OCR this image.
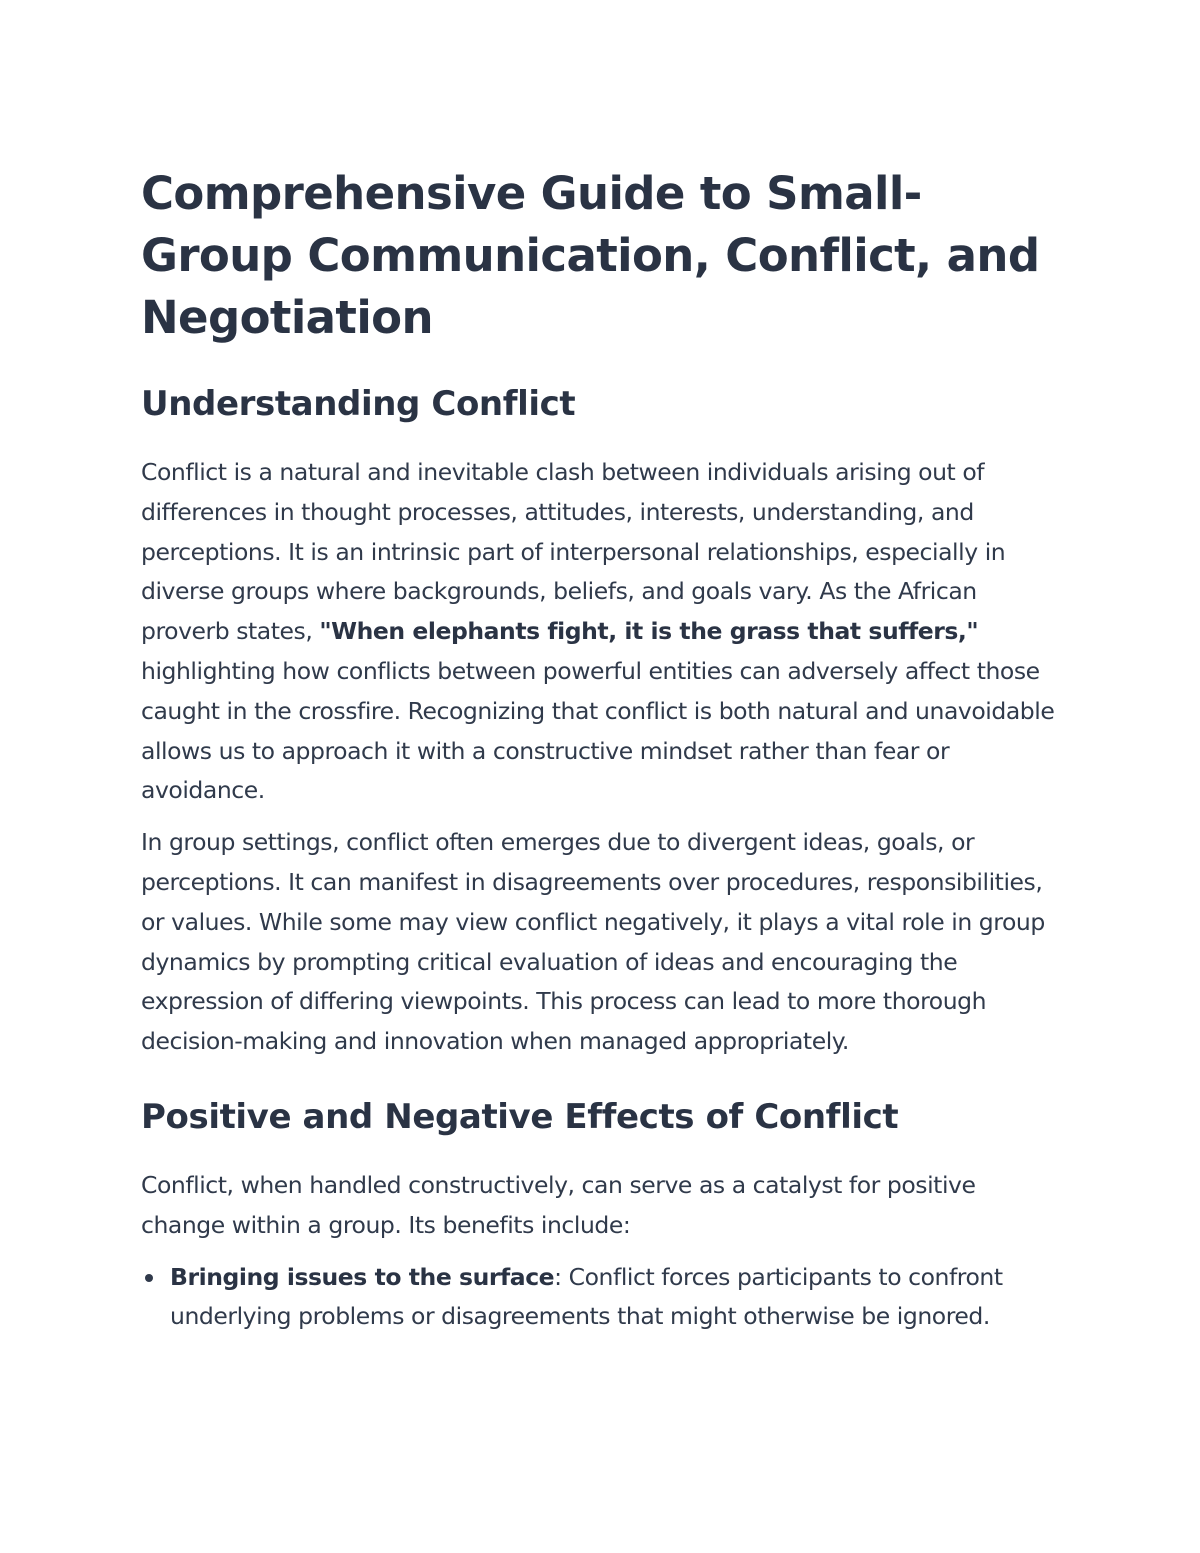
Comprehensive Guide to Small-Group Communication, Conflict, and Negotiation
Understanding Conflict

Conflict is a natural and inevitable clash between individuals arising out of differences in thought processes, attitudes, interests, understanding, and perceptions. It is an intrinsic part of interpersonal relationships, especially in diverse groups where backgrounds, beliefs, and goals vary. As the African proverb states, "When elephants fight, it is the grass that suffers," highlighting how conflicts between powerful entities can adversely affect those caught in the crossfire. Recognizing that conflict is both natural and unavoidable allows us to approach it with a constructive mindset rather than fear or avoidance.

In group settings, conflict often emerges due to divergent ideas, goals, or perceptions. It can manifest in disagreements over procedures, responsibilities, or values. While some may view conflict negatively, it plays a vital role in group dynamics by prompting critical evaluation of ideas and encouraging the expression of differing viewpoints. This process can lead to more thorough decision-making and innovation when managed appropriately.

Positive and Negative Effects of Conflict

Conflict, when handled constructively, can serve as a catalyst for positive change within a group. Its benefits include:

Bringing issues to the surface: Conflict forces participants to confront underlying problems or disagreements that might otherwise be ignored.
